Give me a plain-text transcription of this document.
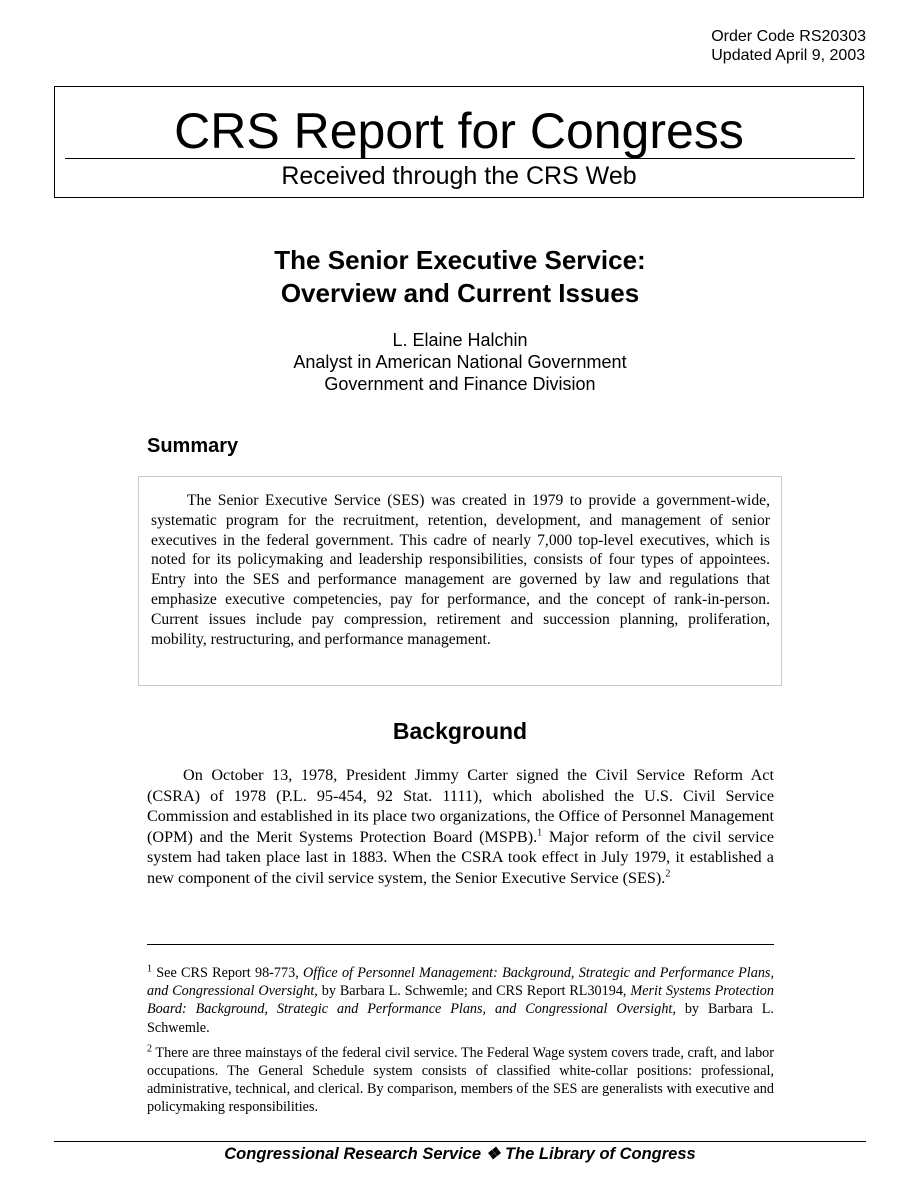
Order Code RS20303
Updated April 9, 2003
CRS Report for Congress
Received through the CRS Web
The Senior Executive Service:
Overview and Current Issues
L. Elaine Halchin
Analyst in American National Government
Government and Finance Division
Summary

The Senior Executive Service (SES) was created in 1979 to provide a government-wide, systematic program for the recruitment, retention, development, and management of senior executives in the federal government. This cadre of nearly 7,000 top-level executives, which is noted for its policymaking and leadership responsibilities, consists of four types of appointees. Entry into the SES and performance management are governed by law and regulations that emphasize executive competencies, pay for performance, and the concept of rank-in-person. Current issues include pay compression, retirement and succession planning, proliferation, mobility, restructuring, and performance management.

Background

On October 13, 1978, President Jimmy Carter signed the Civil Service Reform Act (CSRA) of 1978 (P.L. 95-454, 92 Stat. 1111), which abolished the U.S. Civil Service Commission and established in its place two organizations, the Office of Personnel Management (OPM) and the Merit Systems Protection Board (MSPB).$^1$ Major reform of the civil service system had taken place last in 1883. When the CSRA took effect in July 1979, it established a new component of the civil service system, the Senior Executive Service (SES).$^2$

$^1$ See CRS Report 98-773, Office of Personnel Management: Background, Strategic and Performance Plans, and Congressional Oversight, by Barbara L. Schwemle; and CRS Report RL30194, Merit Systems Protection Board: Background, Strategic and Performance Plans, and Congressional Oversight, by Barbara L. Schwemle.

$^2$ There are three mainstays of the federal civil service. The Federal Wage system covers trade, craft, and labor occupations. The General Schedule system consists of classified white-collar positions: professional, administrative, technical, and clerical. By comparison, members of the SES are generalists with executive and policymaking responsibilities.

Congressional Research Service ❖ The Library of Congress
